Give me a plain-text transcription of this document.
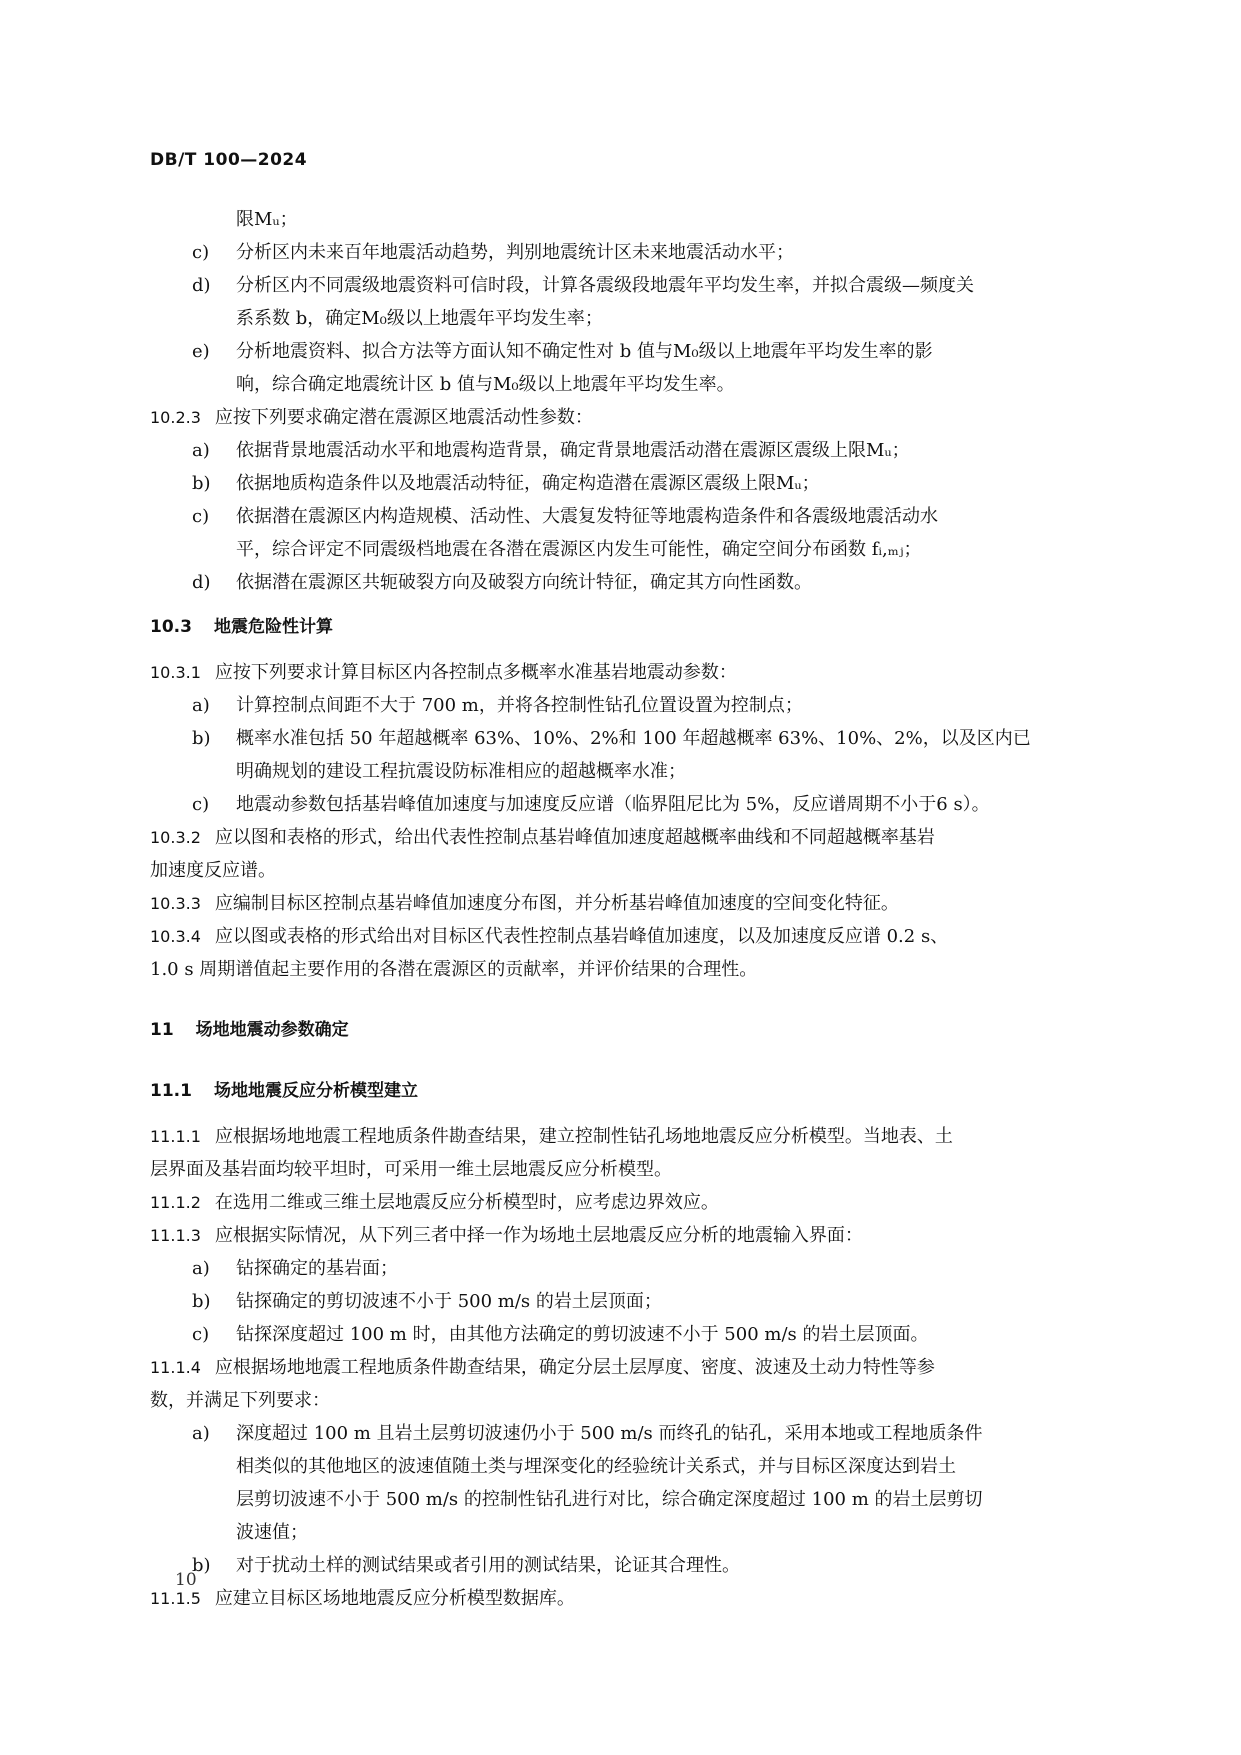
DB/T 100—2024
限Mᵤ；
c)	分析区内未来百年地震活动趋势，判别地震统计区未来地震活动水平；
d)	分析区内不同震级地震资料可信时段，计算各震级段地震年平均发生率，并拟合震级—频度关
系系数 b，确定M₀级以上地震年平均发生率；
e)	分析地震资料、拟合方法等方面认知不确定性对 b 值与M₀级以上地震年平均发生率的影
响，综合确定地震统计区 b 值与M₀级以上地震年平均发生率。
10.2.3 应按下列要求确定潜在震源区地震活动性参数：
a)	依据背景地震活动水平和地震构造背景，确定背景地震活动潜在震源区震级上限Mᵤ；
b)	依据地质构造条件以及地震活动特征，确定构造潜在震源区震级上限Mᵤ；
c)	依据潜在震源区内构造规模、活动性、大震复发特征等地震构造条件和各震级地震活动水
平，综合评定不同震级档地震在各潜在震源区内发生可能性，确定空间分布函数 fᵢ,ₘⱼ；
d)	依据潜在震源区共轭破裂方向及破裂方向统计特征，确定其方向性函数。
10.3 地震危险性计算
10.3.1 应按下列要求计算目标区内各控制点多概率水准基岩地震动参数：
a)	计算控制点间距不大于 700 m，并将各控制性钻孔位置设置为控制点；
b)	概率水准包括 50 年超越概率 63%、10%、2%和 100 年超越概率 63%、10%、2%，以及区内已
明确规划的建设工程抗震设防标准相应的超越概率水准；
c)	地震动参数包括基岩峰值加速度与加速度反应谱（临界阻尼比为 5%，反应谱周期不小于6 s）。
10.3.2 应以图和表格的形式，给出代表性控制点基岩峰值加速度超越概率曲线和不同超越概率基岩
加速度反应谱。
10.3.3 应编制目标区控制点基岩峰值加速度分布图，并分析基岩峰值加速度的空间变化特征。
10.3.4 应以图或表格的形式给出对目标区代表性控制点基岩峰值加速度，以及加速度反应谱 0.2 s、
1.0 s 周期谱值起主要作用的各潜在震源区的贡献率，并评价结果的合理性。
11 场地地震动参数确定
11.1 场地地震反应分析模型建立
11.1.1 应根据场地地震工程地质条件勘查结果，建立控制性钻孔场地地震反应分析模型。当地表、土
层界面及基岩面均较平坦时，可采用一维土层地震反应分析模型。
11.1.2 在选用二维或三维土层地震反应分析模型时，应考虑边界效应。
11.1.3 应根据实际情况，从下列三者中择一作为场地土层地震反应分析的地震输入界面：
a)	钻探确定的基岩面；
b)	钻探确定的剪切波速不小于 500 m/s 的岩土层顶面；
c)	钻探深度超过 100 m 时，由其他方法确定的剪切波速不小于 500 m/s 的岩土层顶面。
11.1.4 应根据场地地震工程地质条件勘查结果，确定分层土层厚度、密度、波速及土动力特性等参
数，并满足下列要求：
a)	深度超过 100 m 且岩土层剪切波速仍小于 500 m/s 而终孔的钻孔，采用本地或工程地质条件
相类似的其他地区的波速值随土类与埋深变化的经验统计关系式，并与目标区深度达到岩土
层剪切波速不小于 500 m/s 的控制性钻孔进行对比，综合确定深度超过 100 m 的岩土层剪切
波速值；
b)	对于扰动土样的测试结果或者引用的测试结果，论证其合理性。
11.1.5 应建立目标区场地地震反应分析模型数据库。
10
